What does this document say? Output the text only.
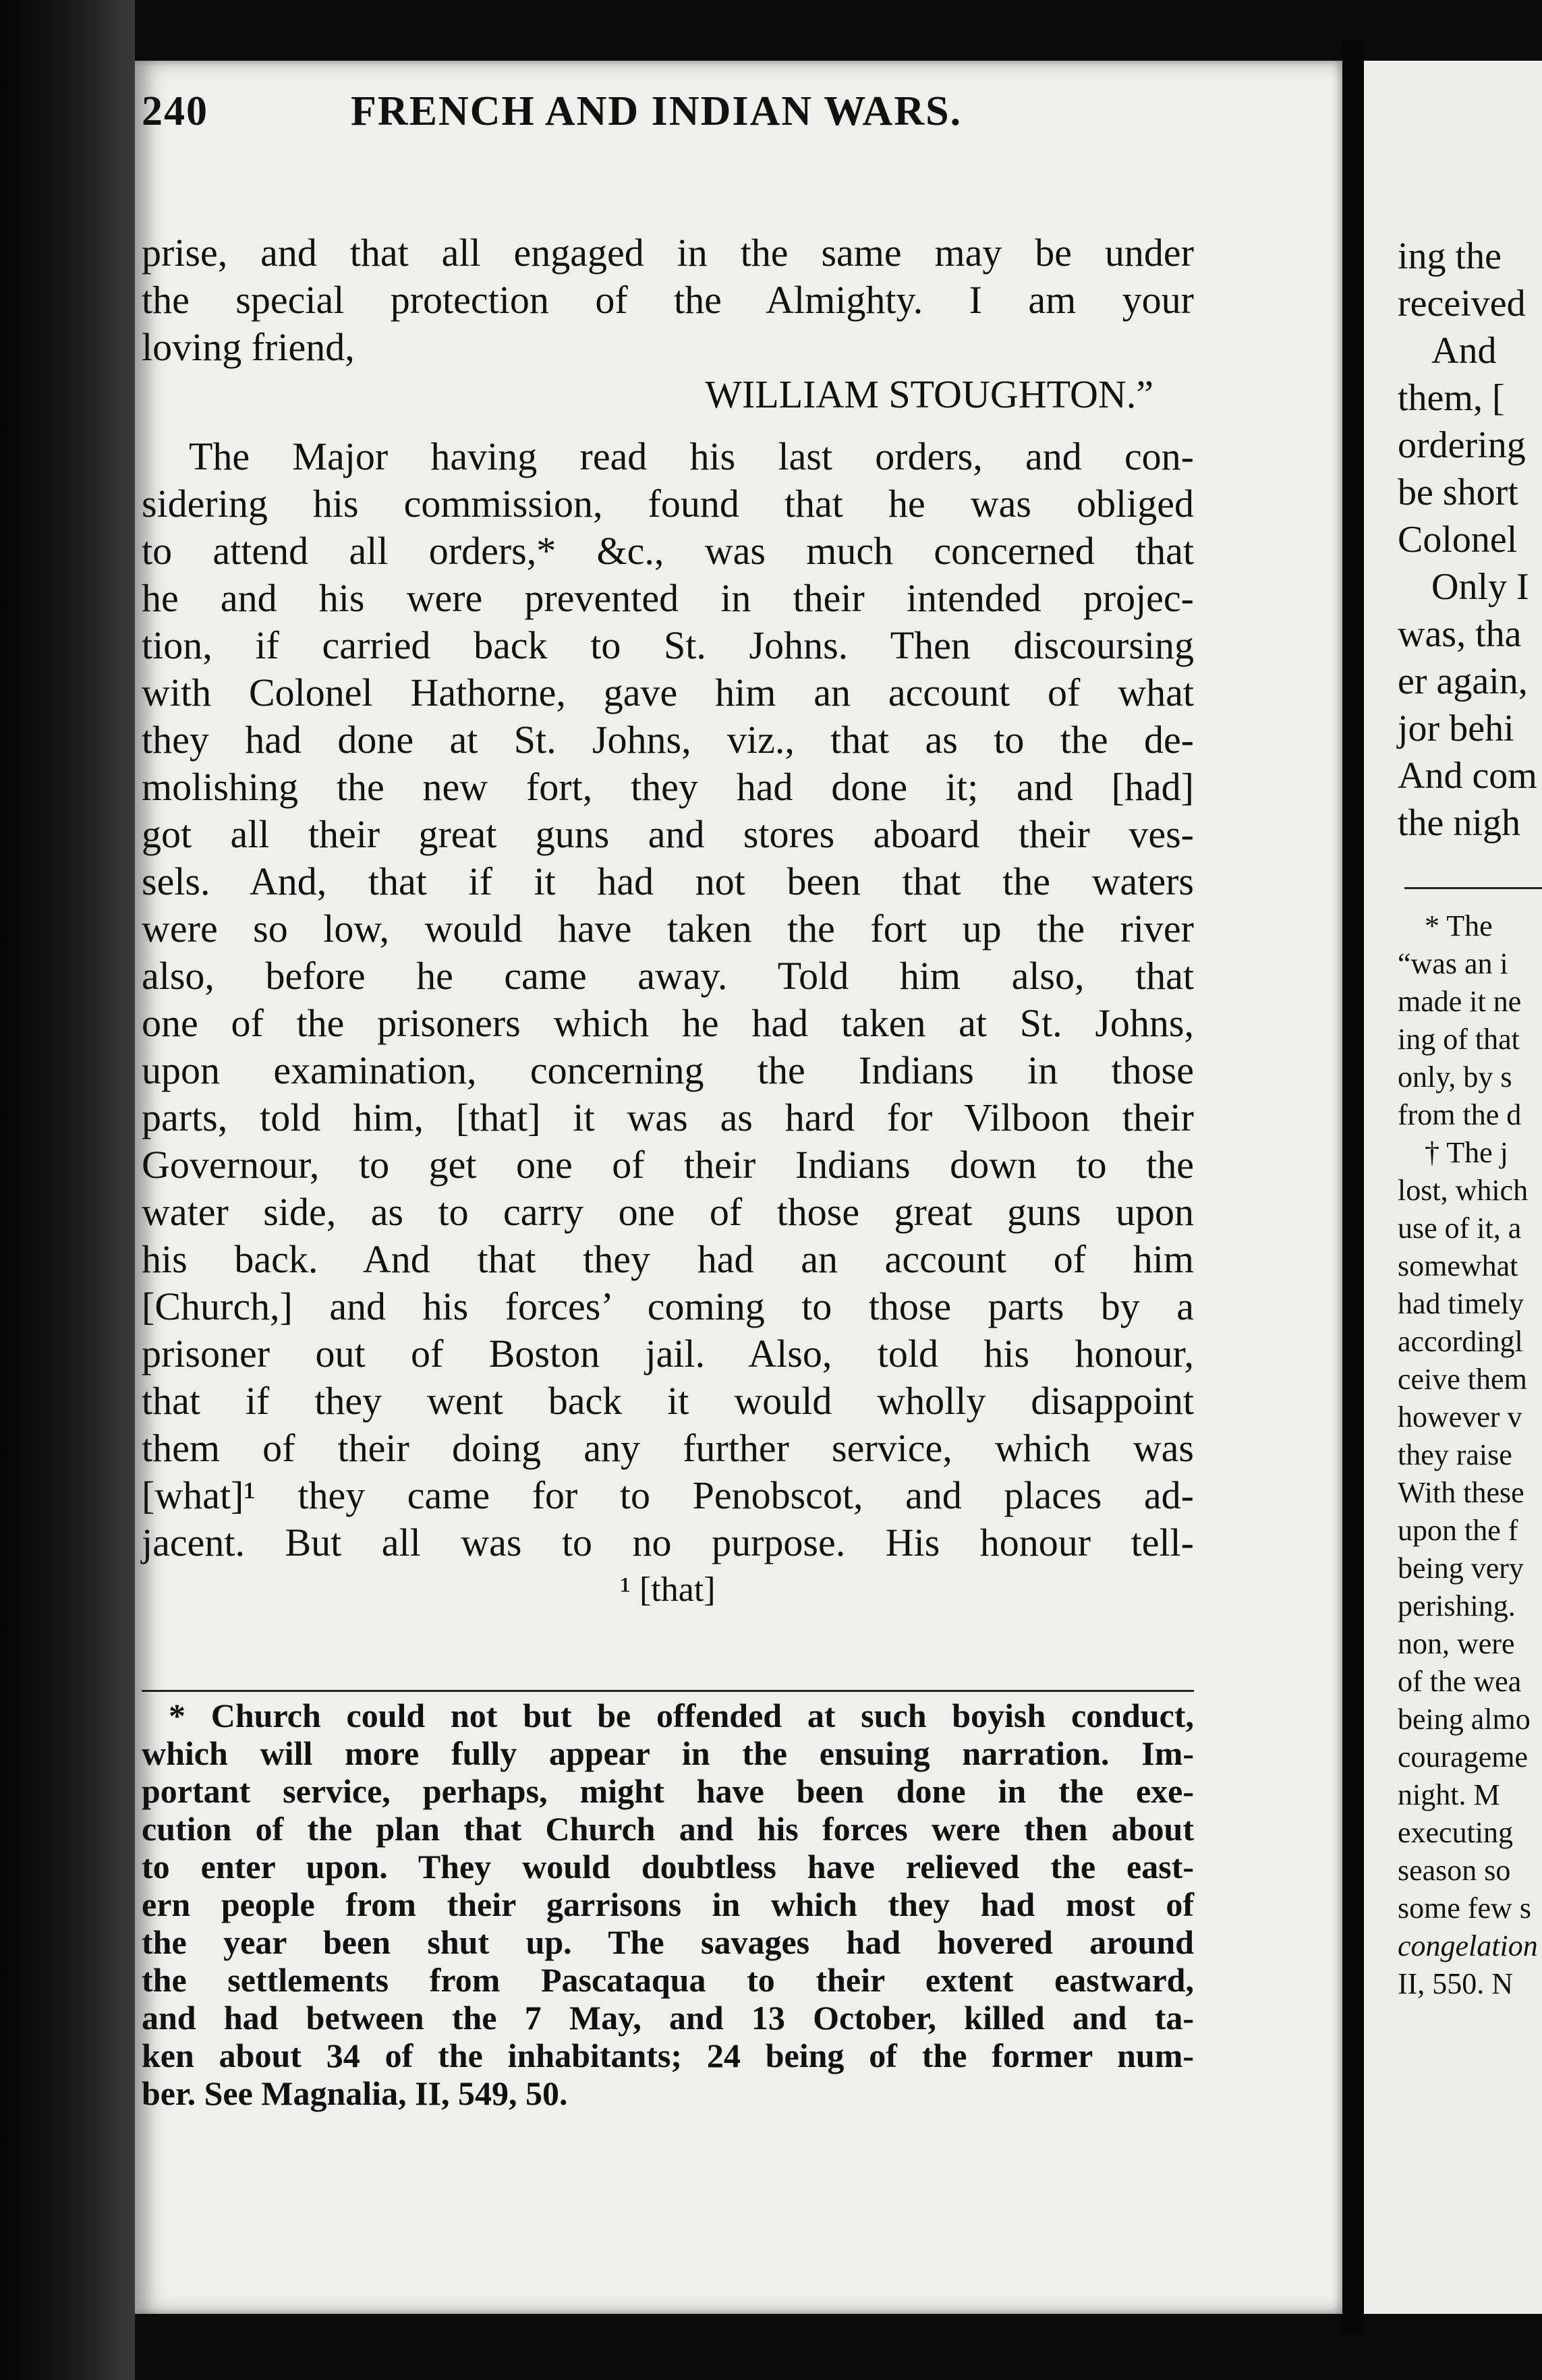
240	FRENCH AND INDIAN WARS.
prise, and that all engaged in the same may be under
the special protection of the Almighty. I am your
loving friend,
WILLIAM STOUGHTON.”
The Major having read his last orders, and con-
sidering his commission, found that he was obliged
to attend all orders,* &c., was much concerned that
he and his were prevented in their intended projec-
tion, if carried back to St. Johns. Then discoursing
with Colonel Hathorne, gave him an account of what
they had done at St. Johns, viz., that as to the de-
molishing the new fort, they had done it; and [had]
got all their great guns and stores aboard their ves-
sels. And, that if it had not been that the waters
were so low, would have taken the fort up the river
also, before he came away. Told him also, that
one of the prisoners which he had taken at St. Johns,
upon examination, concerning the Indians in those
parts, told him, [that] it was as hard for Vilboon their
Governour, to get one of their Indians down to the
water side, as to carry one of those great guns upon
his back. And that they had an account of him
[Church,] and his forces’ coming to those parts by a
prisoner out of Boston jail. Also, told his honour,
that if they went back it would wholly disappoint
them of their doing any further service, which was
[what]¹ they came for to Penobscot, and places ad-
jacent. But all was to no purpose. His honour tell-
¹ [that]
* Church could not but be offended at such boyish conduct,
which will more fully appear in the ensuing narration. Im-
portant service, perhaps, might have been done in the exe-
cution of the plan that Church and his forces were then about
to enter upon. They would doubtless have relieved the east-
ern people from their garrisons in which they had most of
the year been shut up. The savages had hovered around
the settlements from Pascataqua to their extent eastward,
and had between the 7 May, and 13 October, killed and ta-
ken about 34 of the inhabitants; 24 being of the former num-
ber. See Magnalia, II, 549, 50.
ing the
received
And
them, [
ordering
be short
Colonel
Only I
was, tha
er again,
jor behi
And com
the nigh
* The
“was an i
made it ne
ing of that
only, by s
from the d
† The j
lost, which
use of it, a
somewhat
had timely
accordingl
ceive them
however v
they raise
With these
upon the f
being very
perishing.
non, were
of the wea
being almo
courageme
night. M
executing
season so
some few s
congelation
II, 550. N
